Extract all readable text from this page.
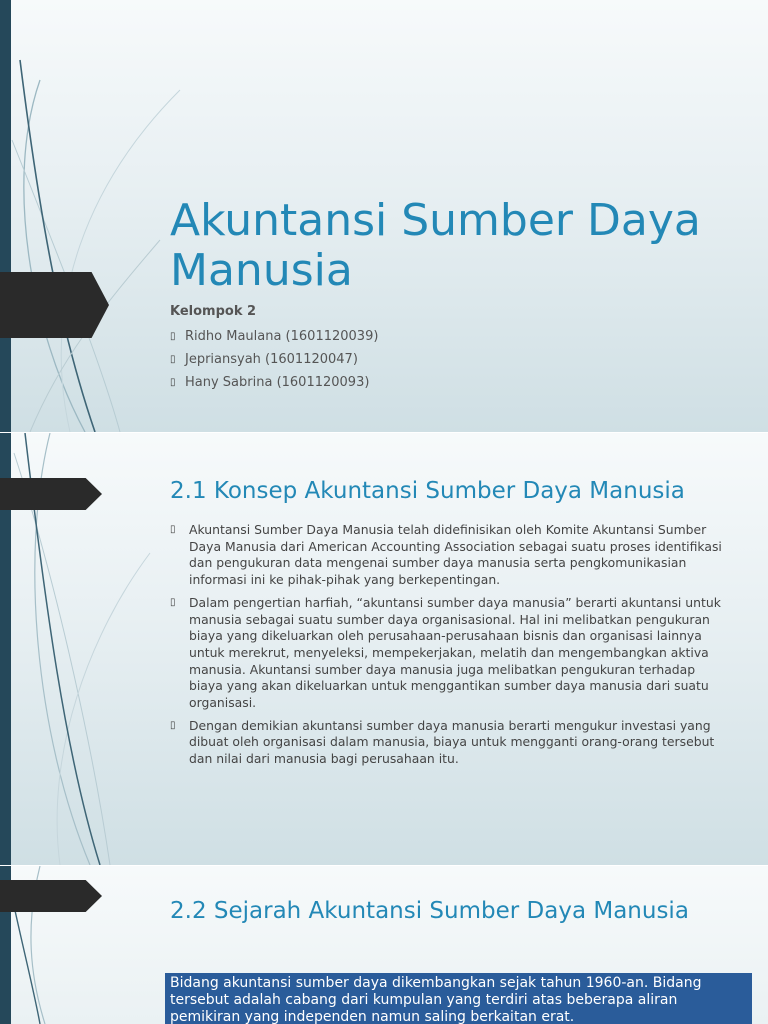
Akuntansi Sumber Daya Manusia
Kelompok 2
▯ Ridho Maulana (1601120039)
▯ Jepriansyah (1601120047)
▯ Hany Sabrina (1601120093)
2.1 Konsep Akuntansi Sumber Daya Manusia
▯	Akuntansi Sumber Daya Manusia telah didefinisikan oleh Komite Akuntansi Sumber Daya Manusia dari American Accounting Association sebagai suatu proses identifikasi dan pengukuran data mengenai sumber daya manusia serta pengkomunikasian informasi ini ke pihak-pihak yang berkepentingan.
▯	Dalam pengertian harfiah, “akuntansi sumber daya manusia” berarti akuntansi untuk manusia sebagai suatu sumber daya organisasional. Hal ini melibatkan pengukuran biaya yang dikeluarkan oleh perusahaan-perusahaan bisnis dan organisasi lainnya untuk merekrut, menyeleksi, mempekerjakan, melatih dan mengembangkan aktiva manusia. Akuntansi sumber daya manusia juga melibatkan pengukuran terhadap biaya yang akan dikeluarkan untuk menggantikan sumber daya manusia dari suatu organisasi.
▯	Dengan demikian akuntansi sumber daya manusia berarti mengukur investasi yang dibuat oleh organisasi dalam manusia, biaya untuk mengganti orang-orang tersebut dan nilai dari manusia bagi perusahaan itu.
2.2 Sejarah Akuntansi Sumber Daya Manusia
Bidang akuntansi sumber daya dikembangkan sejak tahun 1960-an. Bidang tersebut adalah cabang dari kumpulan yang terdiri atas beberapa aliran pemikiran yang independen namun saling berkaitan erat.
